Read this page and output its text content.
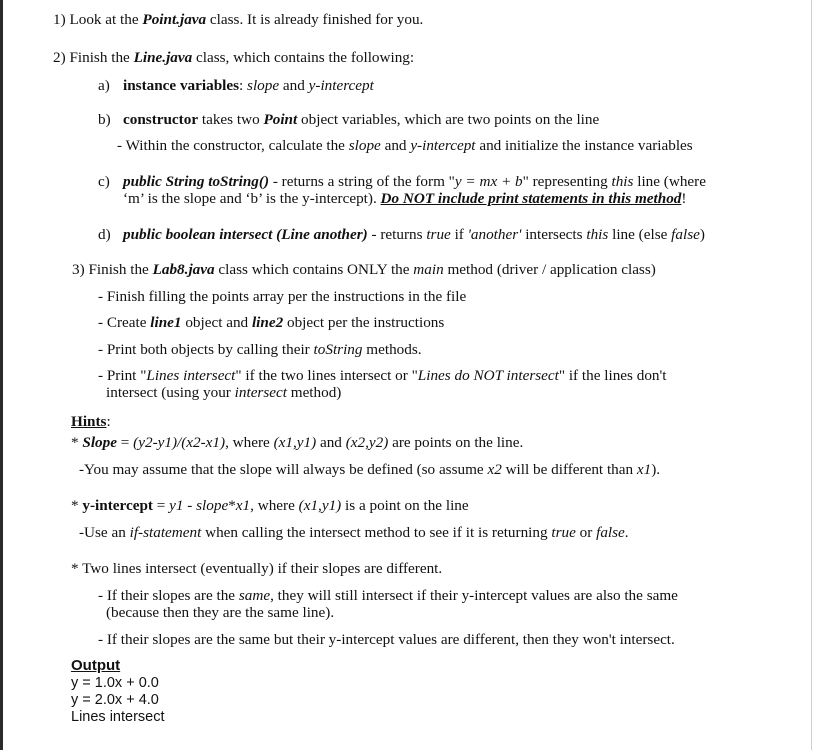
1) Look at the Point.java class. It is already finished for you.
2) Finish the Line.java class, which contains the following:
a) instance variables: slope and y-intercept
b) constructor takes two Point object variables, which are two points on the line
- Within the constructor, calculate the slope and y-intercept and initialize the instance variables
c) public String toString() - returns a string of the form "y = mx + b" representing this line (where
‘m’ is the slope and ‘b’ is the y-intercept). Do NOT include print statements in this method!
d) public boolean intersect (Line another) - returns true if 'another' intersects this line (else false)
3) Finish the Lab8.java class which contains ONLY the main method (driver / application class)
- Finish filling the points array per the instructions in the file
- Create line1 object and line2 object per the instructions
- Print both objects by calling their toString methods.
- Print "Lines intersect" if the two lines intersect or "Lines do NOT intersect" if the lines don't
intersect (using your intersect method)
Hints:
* Slope = (y2-y1)/(x2-x1), where (x1,y1) and (x2,y2) are points on the line.
-You may assume that the slope will always be defined (so assume x2 will be different than x1).
* y-intercept = y1 - slope*x1, where (x1,y1) is a point on the line
-Use an if-statement when calling the intersect method to see if it is returning true or false.
* Two lines intersect (eventually) if their slopes are different.
- If their slopes are the same, they will still intersect if their y-intercept values are also the same
(because then they are the same line).
- If their slopes are the same but their y-intercept values are different, then they won't intersect.
Output
y = 1.0x + 0.0
y = 2.0x + 4.0
Lines intersect
